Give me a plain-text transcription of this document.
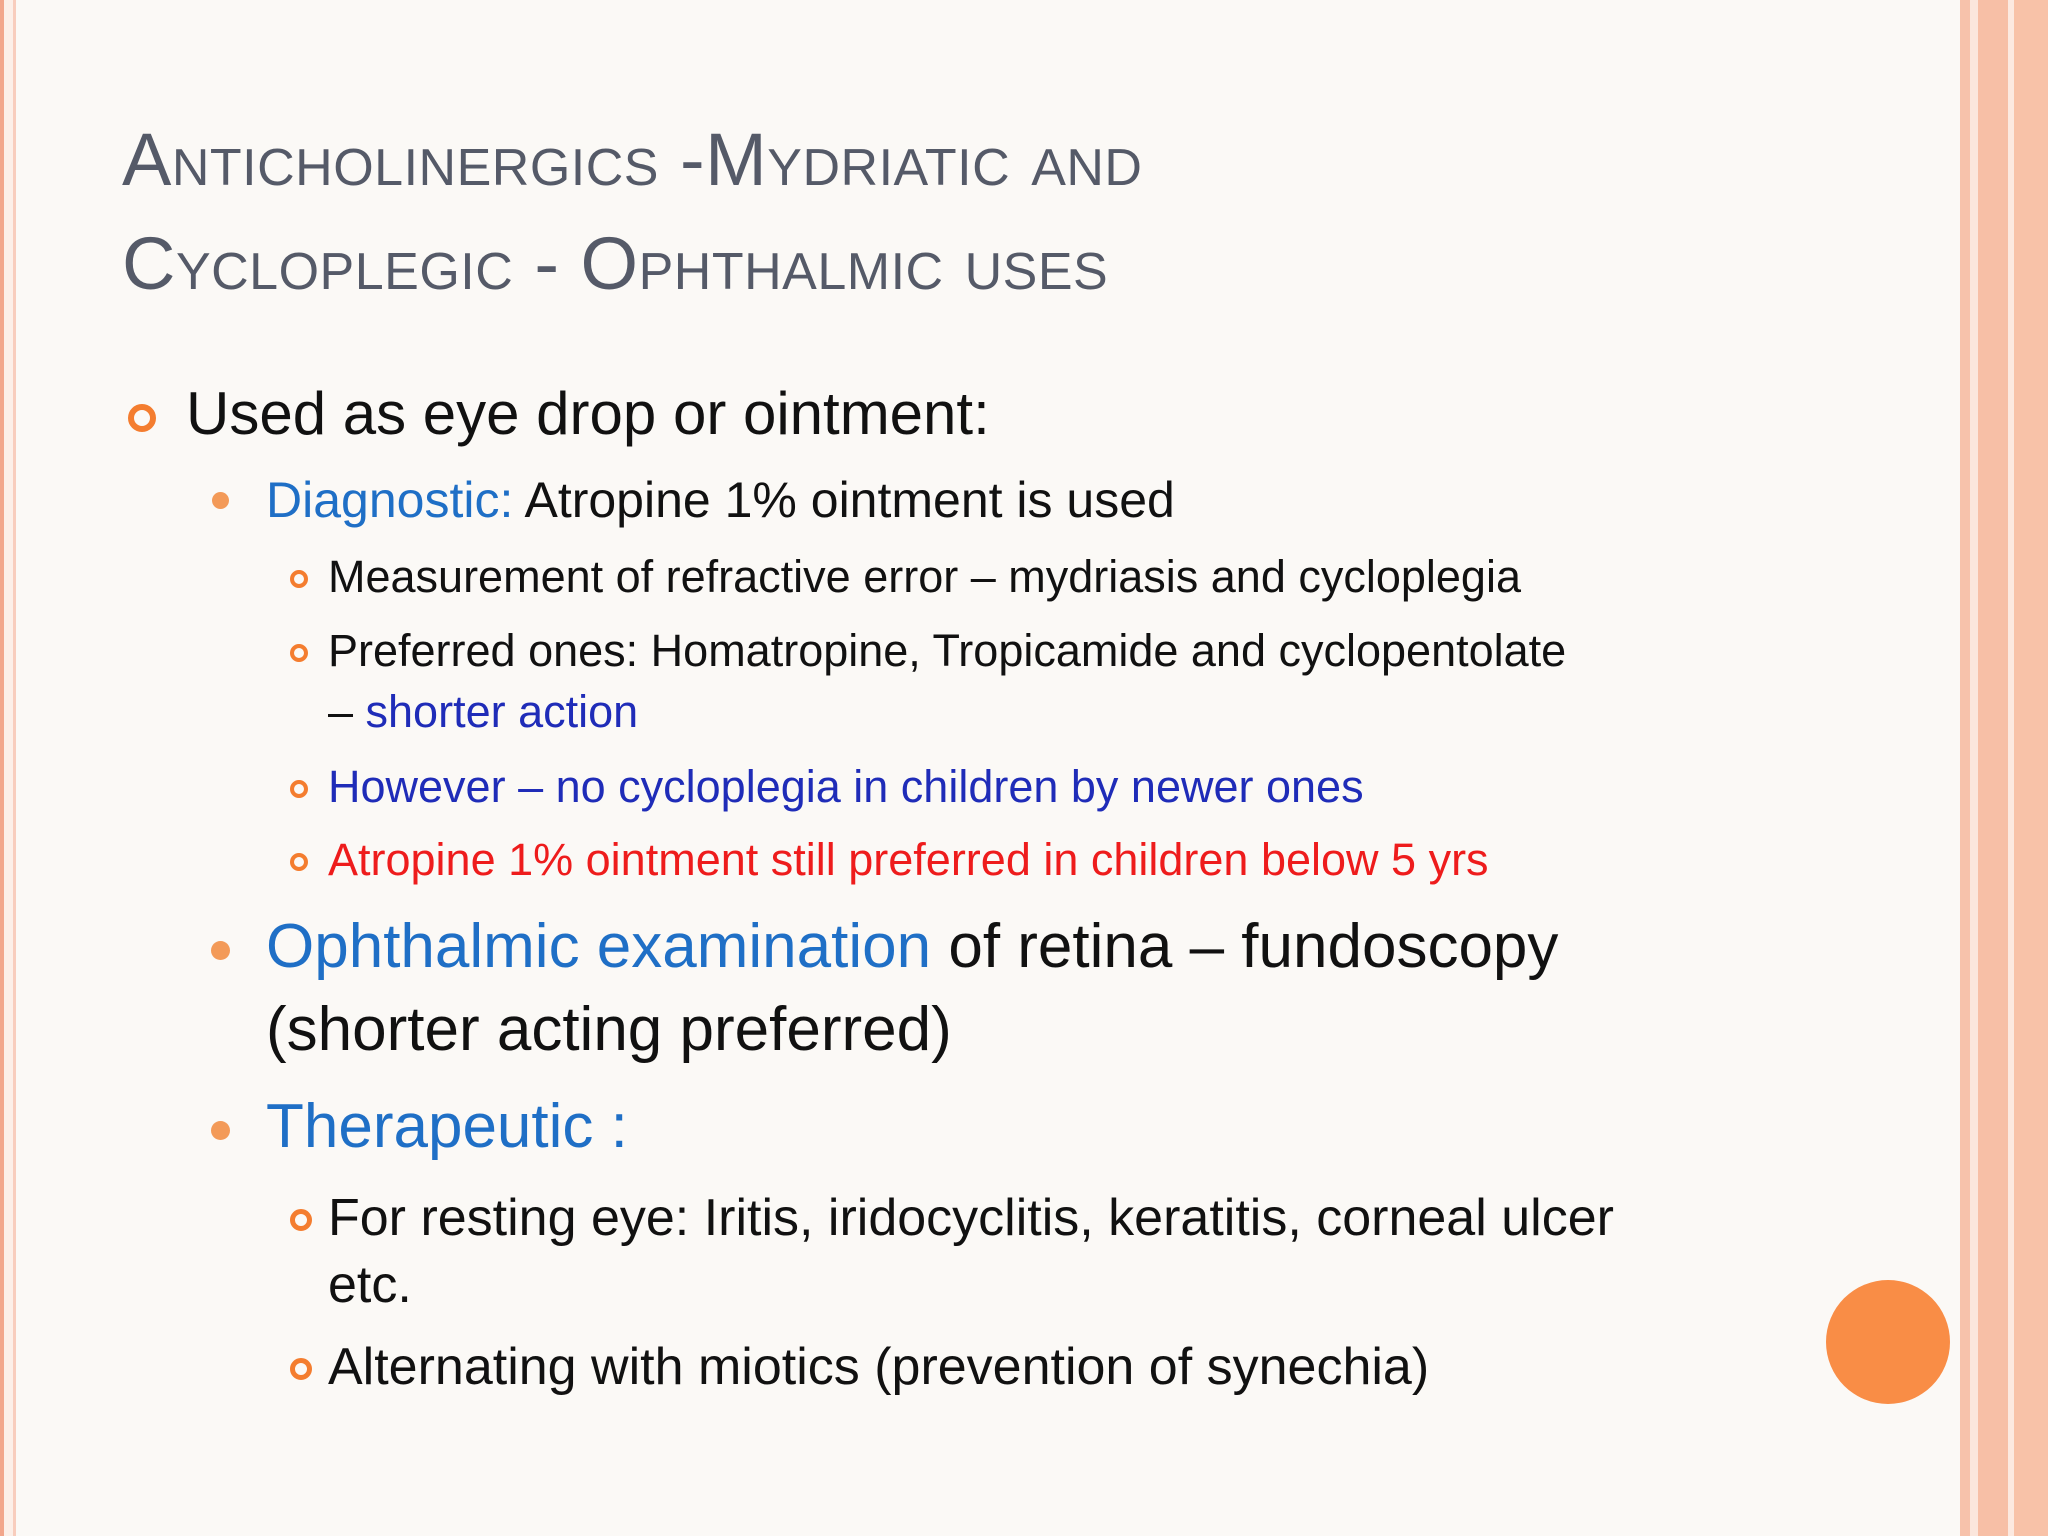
Anticholinergics -Mydriatic and
Cycloplegic - Ophthalmic uses
Used as eye drop or ointment:
Diagnostic: Atropine 1% ointment is used
Measurement of refractive error – mydriasis and cycloplegia
Preferred ones: Homatropine, Tropicamide and cyclopentolate
– shorter action
However – no cycloplegia in children by newer ones
Atropine 1% ointment still preferred in children below 5 yrs
Ophthalmic examination of retina – fundoscopy
(shorter acting preferred)
Therapeutic :
For resting eye: Iritis, iridocyclitis, keratitis, corneal ulcer
etc.
Alternating with miotics (prevention of synechia)
